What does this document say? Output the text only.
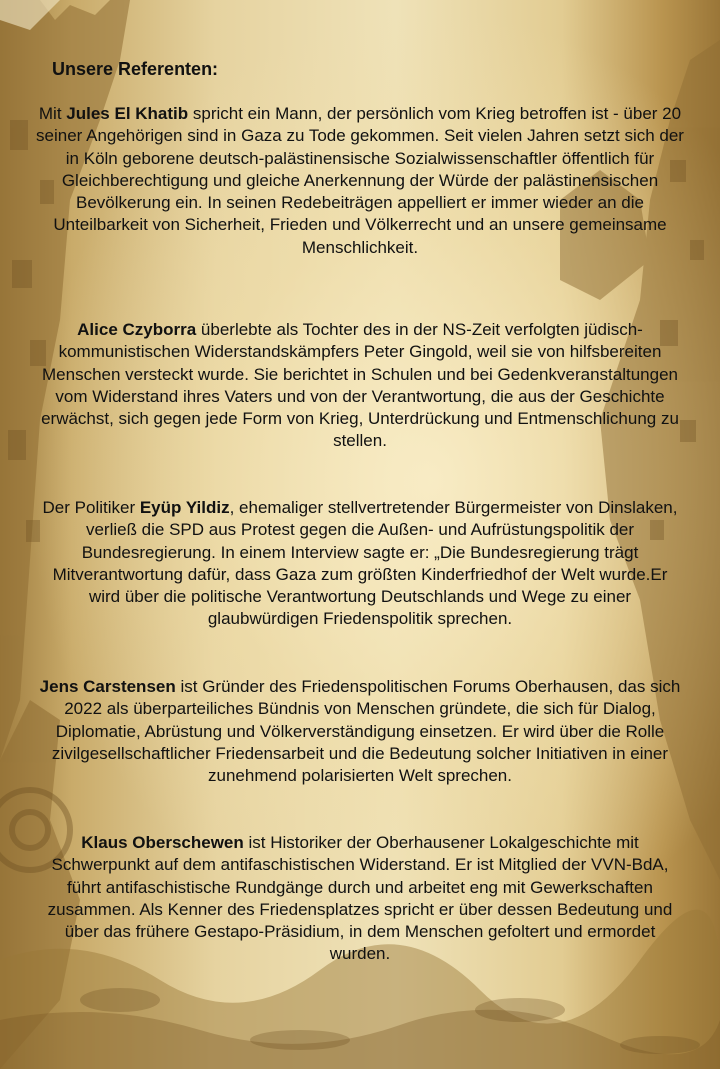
Unsere Referenten:

Mit Jules El Khatib spricht ein Mann, der persönlich vom Krieg betroffen ist - über 20 seiner Angehörigen sind in Gaza zu Tode gekommen. Seit vielen Jahren setzt sich der in Köln geborene deutsch-palästinensische Sozialwissenschaftler öffentlich für Gleichberechtigung und gleiche Anerkennung der Würde der palästinensischen Bevölkerung ein. In seinen Redebeiträgen appelliert er immer wieder an die Unteilbarkeit von Sicherheit, Frieden und Völkerrecht und an unsere gemeinsame Menschlichkeit.

Alice Czyborra überlebte als Tochter des in der NS-Zeit verfolgten jüdisch-kommunistischen Widerstandskämpfers Peter Gingold, weil sie von hilfsbereiten Menschen versteckt wurde. Sie berichtet in Schulen und bei Gedenkveranstaltungen vom Widerstand ihres Vaters und von der Verantwortung, die aus der Geschichte erwächst, sich gegen jede Form von Krieg, Unterdrückung und Entmenschlichung zu stellen.

Der Politiker Eyüp Yildiz, ehemaliger stellvertretender Bürgermeister von Dinslaken, verließ die SPD aus Protest gegen die Außen- und Aufrüstungspolitik der Bundesregierung. In einem Interview sagte er: „Die Bundesregierung trägt Mitverantwortung dafür, dass Gaza zum größten Kinderfriedhof der Welt wurde.Er wird über die politische Verantwortung Deutschlands und Wege zu einer glaubwürdigen Friedenspolitik sprechen.

Jens Carstensen ist Gründer des Friedenspolitischen Forums Oberhausen, das sich 2022 als überparteiliches Bündnis von Menschen gründete, die sich für Dialog, Diplomatie, Abrüstung und Völkerverständigung einsetzen. Er wird über die Rolle zivilgesellschaftlicher Friedensarbeit und die Bedeutung solcher Initiativen in einer zunehmend polarisierten Welt sprechen.

Klaus Oberschewen ist Historiker der Oberhausener Lokalgeschichte mit Schwerpunkt auf dem antifaschistischen Widerstand. Er ist Mitglied der VVN-BdA, führt antifaschistische Rundgänge durch und arbeitet eng mit Gewerkschaften zusammen. Als Kenner des Friedensplatzes spricht er über dessen Bedeutung und über das frühere Gestapo-Präsidium, in dem Menschen gefoltert und ermordet wurden.
